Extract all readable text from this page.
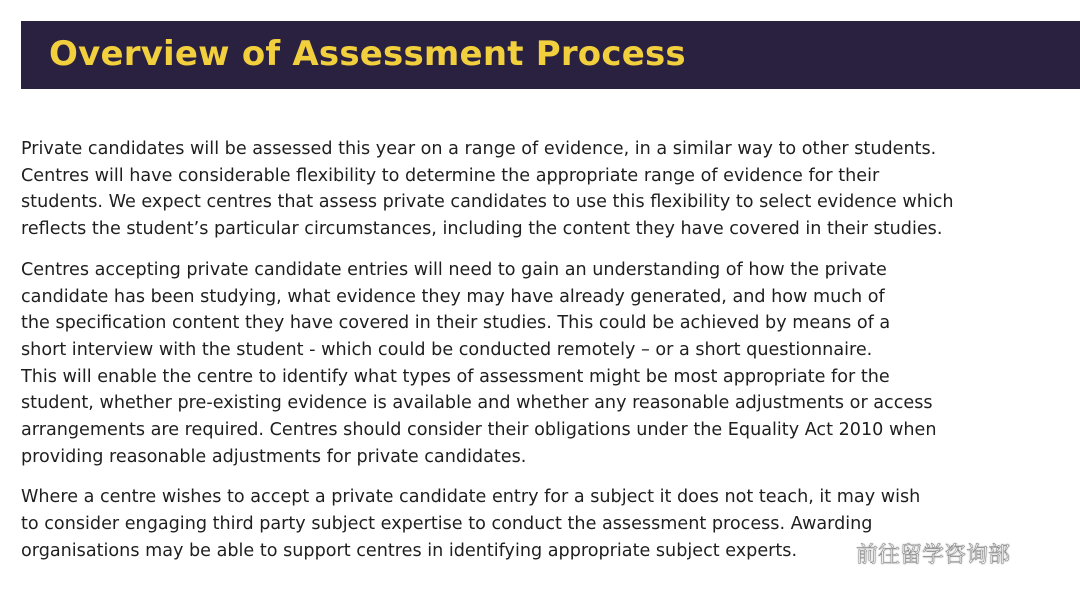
Overview of Assessment Process

Private candidates will be assessed this year on a range of evidence, in a similar way to other students.
Centres will have considerable flexibility to determine the appropriate range of evidence for their
students. We expect centres that assess private candidates to use this flexibility to select evidence which
reflects the student’s particular circumstances, including the content they have covered in their studies.

Centres accepting private candidate entries will need to gain an understanding of how the private
candidate has been studying, what evidence they may have already generated, and how much of
the specification content they have covered in their studies. This could be achieved by means of a
short interview with the student - which could be conducted remotely – or a short questionnaire.
This will enable the centre to identify what types of assessment might be most appropriate for the
student, whether pre-existing evidence is available and whether any reasonable adjustments or access
arrangements are required. Centres should consider their obligations under the Equality Act 2010 when
providing reasonable adjustments for private candidates.

Where a centre wishes to accept a private candidate entry for a subject it does not teach, it may wish
to consider engaging third party subject expertise to conduct the assessment process. Awarding
organisations may be able to support centres in identifying appropriate subject experts.	前往留学咨询部
